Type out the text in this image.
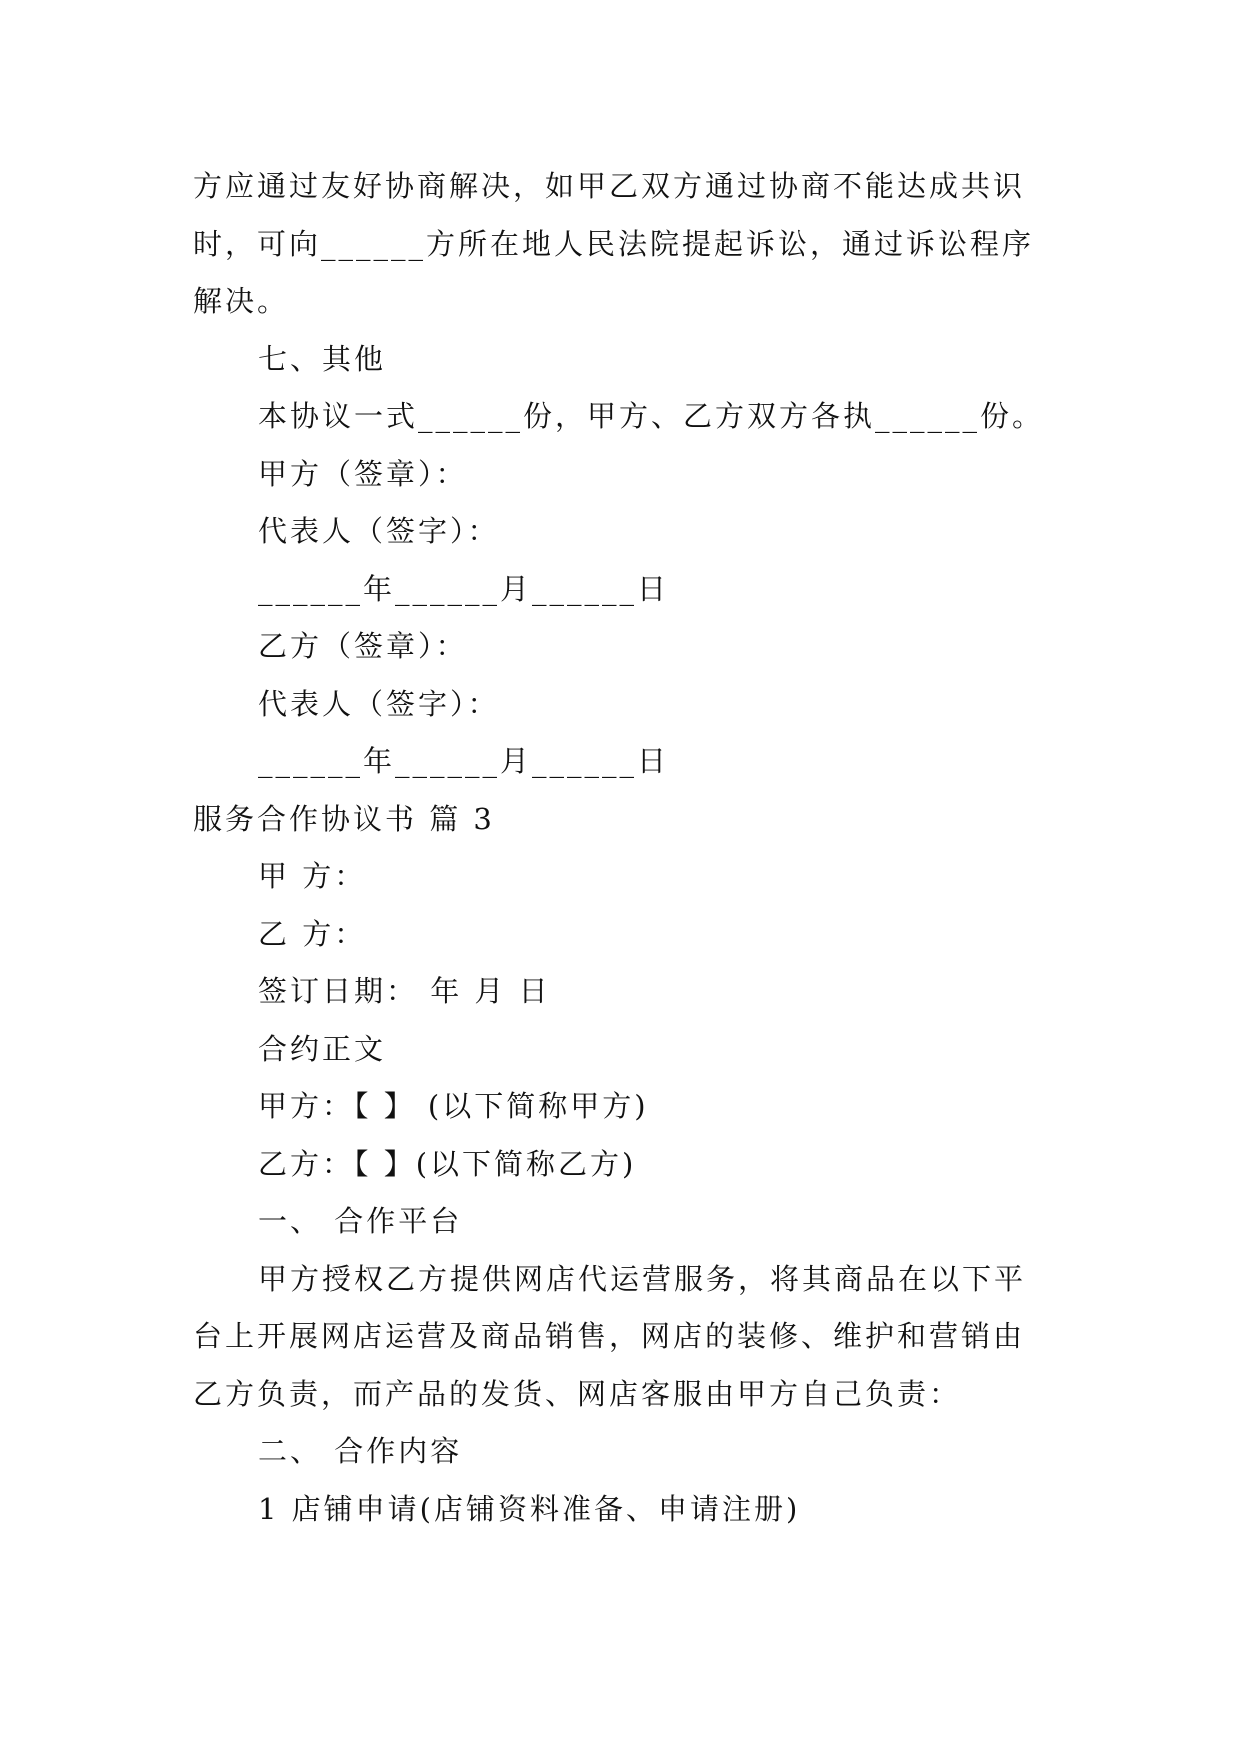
方应通过友好协商解决，如甲乙双方通过协商不能达成共识
时，可向______方所在地人民法院提起诉讼，通过诉讼程序
解决。
七、其他
本协议一式______份，甲方、乙方双方各执______份。
甲方（签章）：
代表人（签字）：
______年______月______日
乙方（签章）：
代表人（签字）：
______年______月______日
服务合作协议书 篇 3
甲 方：
乙 方：
签订日期： 年 月 日
合约正文
甲方：【 】 (以下简称甲方)
乙方：【 】(以下简称乙方)
一、 合作平台
甲方授权乙方提供网店代运营服务，将其商品在以下平
台上开展网店运营及商品销售，网店的装修、维护和营销由
乙方负责，而产品的发货、网店客服由甲方自己负责：
二、 合作内容
1 店铺申请(店铺资料准备、申请注册)
